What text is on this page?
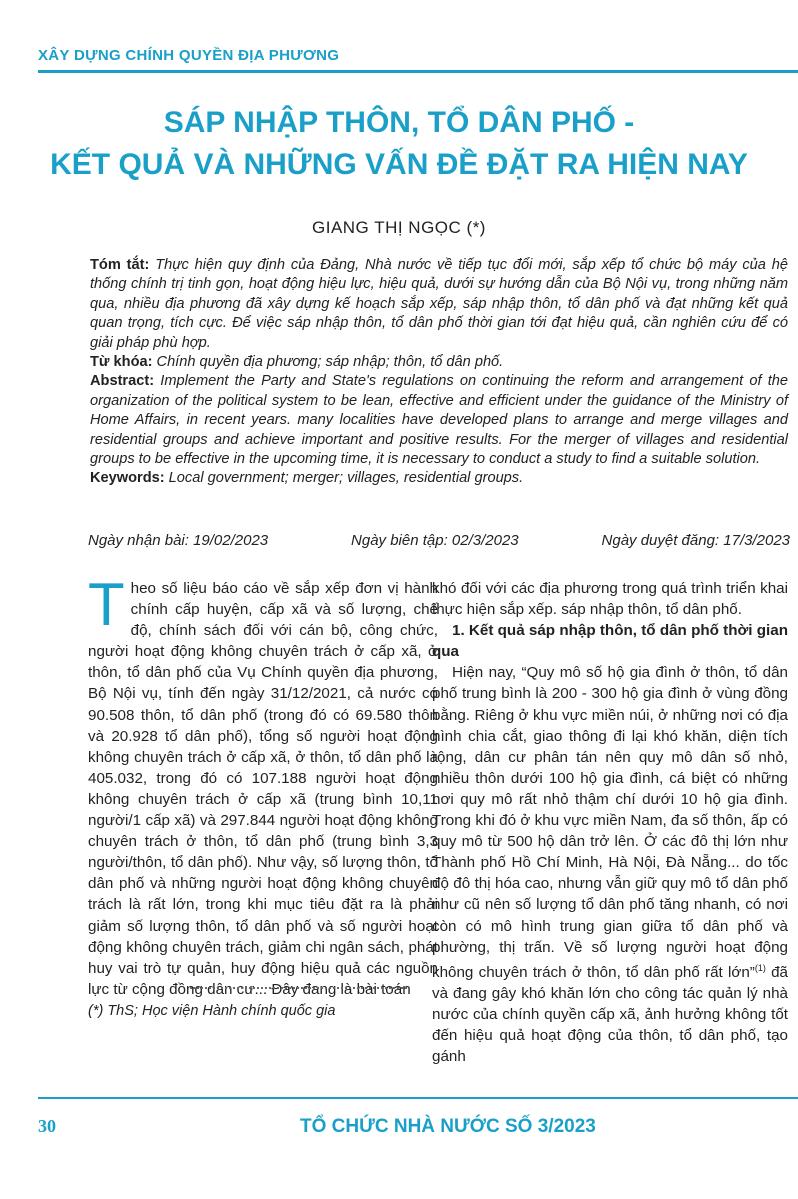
XÂY DỰNG CHÍNH QUYỀN ĐỊA PHƯƠNG
SÁP NHẬP THÔN, TỔ DÂN PHỐ -
KẾT QUẢ VÀ NHỮNG VẤN ĐỀ ĐẶT RA HIỆN NAY
GIANG THỊ NGỌC (*)

Tóm tắt: Thực hiện quy định của Đảng, Nhà nước về tiếp tục đổi mới, sắp xếp tổ chức bộ máy của hệ thống chính trị tinh gọn, hoạt động hiệu lực, hiệu quả, dưới sự hướng dẫn của Bộ Nội vụ, trong những năm qua, nhiều địa phương đã xây dựng kế hoạch sắp xếp, sáp nhập thôn, tổ dân phố và đạt những kết quả quan trọng, tích cực. Để việc sáp nhập thôn, tổ dân phố thời gian tới đạt hiệu quả, cần nghiên cứu để có giải pháp phù hợp.

Từ khóa: Chính quyền địa phương; sáp nhập; thôn, tổ dân phố.

Abstract: Implement the Party and State's regulations on continuing the reform and arrangement of the organization of the political system to be lean, effective and efficient under the guidance of the Ministry of Home Affairs, in recent years. many localities have developed plans to arrange and merge villages and residential groups and achieve important and positive results. For the merger of villages and residential groups to be effective in the upcoming time, it is necessary to conduct a study to find a suitable solution.

Keywords: Local government; merger; villages, residential groups.

Ngày nhận bài: 19/02/2023	Ngày biên tập: 02/3/2023	Ngày duyệt đăng: 17/3/2023

Theo số liệu báo cáo về sắp xếp đơn vị hành chính cấp huyện, cấp xã và số lượng, chế độ, chính sách đối với cán bộ, công chức, người hoạt động không chuyên trách ở cấp xã, ở thôn, tổ dân phố của Vụ Chính quyền địa phương, Bộ Nội vụ, tính đến ngày 31/12/2021, cả nước có 90.508 thôn, tổ dân phố (trong đó có 69.580 thôn và 20.928 tổ dân phố), tổng số người hoạt động không chuyên trách ở cấp xã, ở thôn, tổ dân phố là 405.032, trong đó có 107.188 người hoạt động không chuyên trách ở cấp xã (trung bình 10,11 người/1 cấp xã) và 297.844 người hoạt động không chuyên trách ở thôn, tổ dân phố (trung bình 3,3 người/thôn, tổ dân phố). Như vậy, số lượng thôn, tổ dân phố và những người hoạt động không chuyên trách là rất lớn, trong khi mục tiêu đặt ra là phải giảm số lượng thôn, tổ dân phố và số người hoạt động không chuyên trách, giảm chi ngân sách, phát huy vai trò tự quản, huy động hiệu quả các nguồn lực từ cộng đồng dân cư... Đây đang là bài toán

khó đối với các địa phương trong quá trình triển khai thực hiện sắp xếp. sáp nhập thôn, tổ dân phố.

1. Kết quả sáp nhập thôn, tổ dân phố thời gian qua

Hiện nay, “Quy mô số hộ gia đình ở thôn, tổ dân phố trung bình là 200 - 300 hộ gia đình ở vùng đồng bằng. Riêng ở khu vực miền núi, ở những nơi có địa hình chia cắt, giao thông đi lại khó khăn, diện tích rộng, dân cư phân tán nên quy mô dân số nhỏ, nhiều thôn dưới 100 hộ gia đình, cá biệt có những nơi quy mô rất nhỏ thậm chí dưới 10 hộ gia đình. Trong khi đó ở khu vực miền Nam, đa số thôn, ấp có quy mô từ 500 hộ dân trở lên. Ở các đô thị lớn như Thành phố Hồ Chí Minh, Hà Nội, Đà Nẵng... do tốc độ đô thị hóa cao, nhưng vẫn giữ quy mô tổ dân phố như cũ nên số lượng tổ dân phố tăng nhanh, có nơi còn có mô hình trung gian giữa tổ dân phố và phường, thị trấn. Về số lượng người hoạt động không chuyên trách ở thôn, tổ dân phố rất lớn”$^{(1)}$ đã và đang gây khó khăn lớn cho công tác quản lý nhà nước của chính quyền cấp xã, ảnh hưởng không tốt đến hiệu quả hoạt động của thôn, tổ dân phố, tạo gánh

(*) ThS; Học viện Hành chính quốc gia
30	TỔ CHỨC NHÀ NƯỚC SỐ 3/2023
